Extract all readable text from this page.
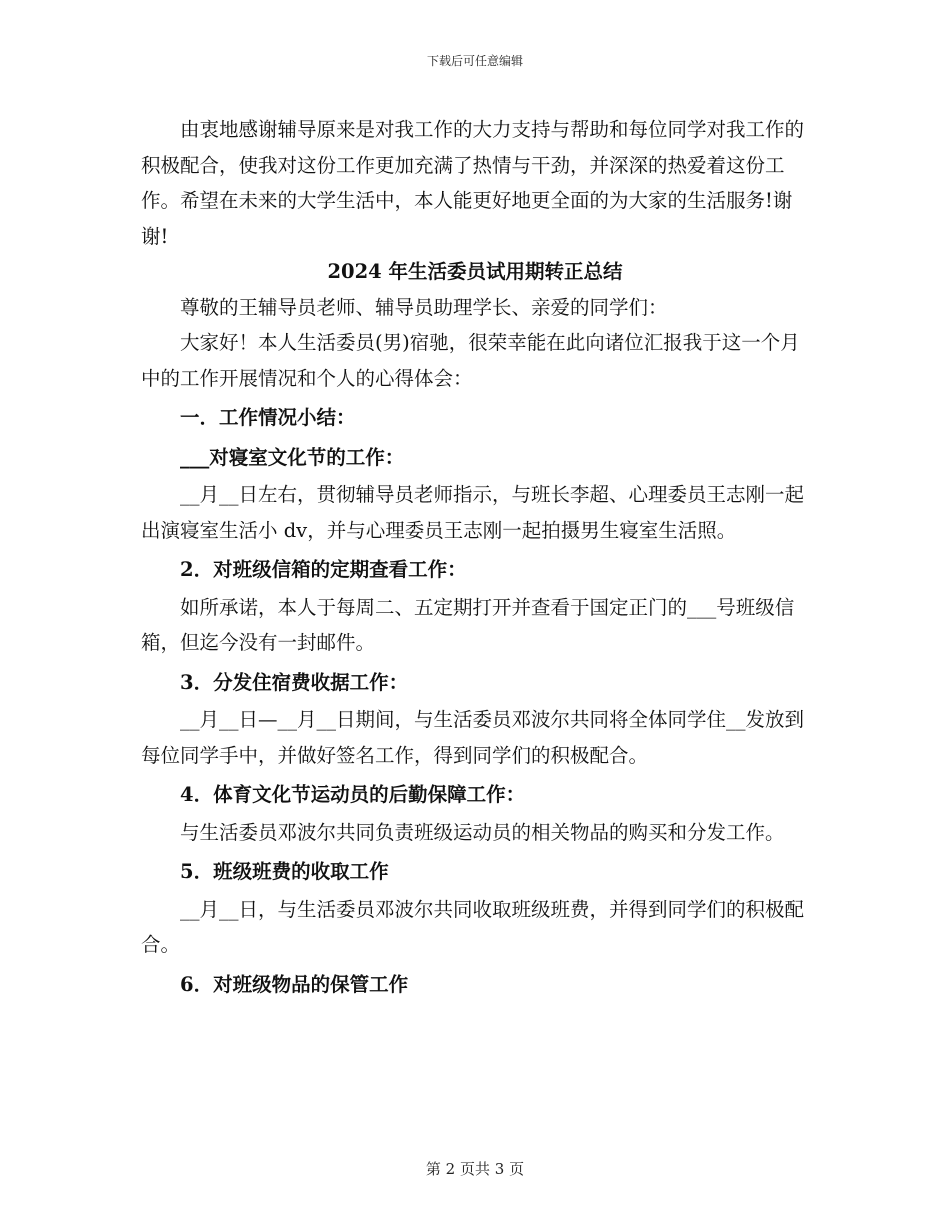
下载后可任意编辑

由衷地感谢辅导原来是对我工作的大力支持与帮助和每位同学对我工作的积极配合，使我对这份工作更加充满了热情与干劲，并深深的热爱着这份工作。希望在未来的大学生活中，本人能更好地更全面的为大家的生活服务!谢谢!

2024 年生活委员试用期转正总结

尊敬的王辅导员老师、辅导员助理学长、亲爱的同学们：

大家好！本人生活委员(男)宿驰，很荣幸能在此向诸位汇报我于这一个月中的工作开展情况和个人的心得体会：

一．工作情况小结：

___对寝室文化节的工作：

__月__日左右，贯彻辅导员老师指示，与班长李超、心理委员王志刚一起出演寝室生活小 dv，并与心理委员王志刚一起拍摄男生寝室生活照。

2．对班级信箱的定期查看工作：

如所承诺，本人于每周二、五定期打开并查看于国定正门的___号班级信箱，但迄今没有一封邮件。

3．分发住宿费收据工作：

__月__日—__月__日期间，与生活委员邓波尔共同将全体同学住__发放到每位同学手中，并做好签名工作，得到同学们的积极配合。

4．体育文化节运动员的后勤保障工作：

与生活委员邓波尔共同负责班级运动员的相关物品的购买和分发工作。

5．班级班费的收取工作

__月__日，与生活委员邓波尔共同收取班级班费，并得到同学们的积极配合。

6．对班级物品的保管工作

第 2 页共 3 页
